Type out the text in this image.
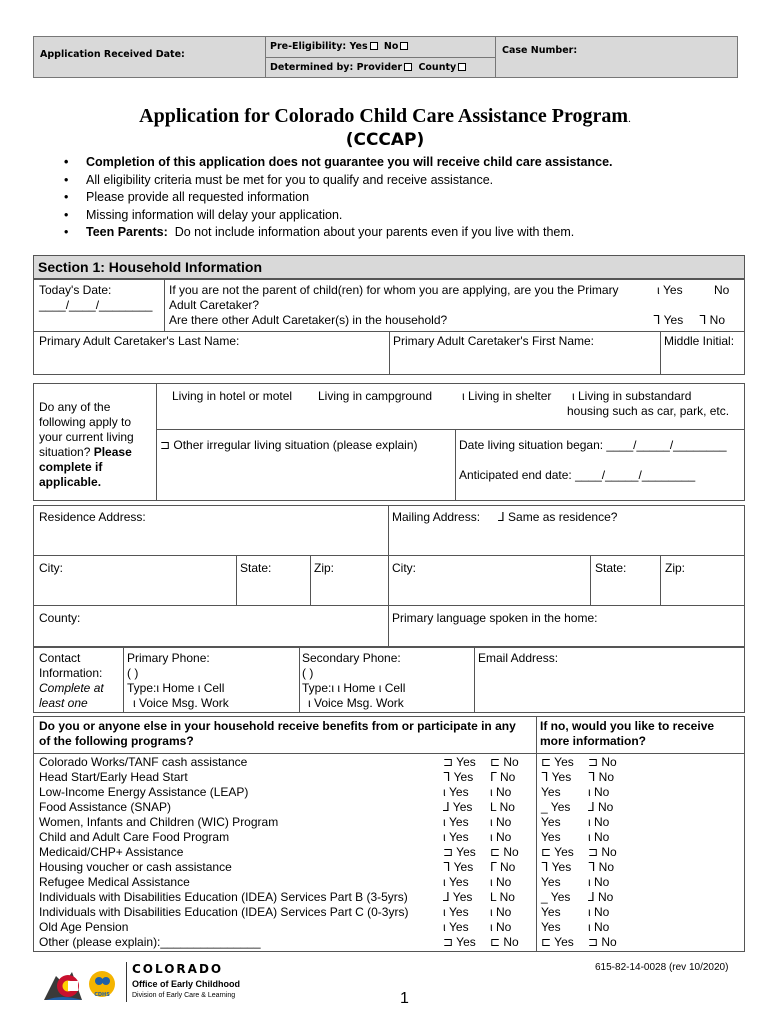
Application Received Date:
Pre-Eligibility: Yes No
Determined by: Provider County
Case Number:
Application for Colorado Child Care Assistance Program.
(CCCAP)
• Completion of this application does not guarantee you will receive child care assistance.
• All eligibility criteria must be met for you to qualify and receive assistance.
• Please provide all requested information
• Missing information will delay your application.
• Teen Parents: Do not include information about your parents even if you live with them.
Section 1: Household Information
Today's Date:
____/____/________
If you are not the parent of child(ren) for whom you are applying, are you the Primary Adult Caretaker?
Are there other Adult Caretaker(s) in the household?
ι Yes	No
ᒣ Yes ᒣ No
Primary Adult Caretaker's Last Name:	Primary Adult Caretaker's First Name:	Middle Initial:
Do any of the following apply to your current living situation? Please complete if applicable.
Living in hotel or motel Living in campground ι Living in shelter ι Living in substandard
housing such as car, park, etc.
⊐ Other irregular living situation (please explain)	Date living situation began: ____/_____/________
Anticipated end date: ____/_____/________
Residence Address:	Mailing Address: ⅃ Same as residence?
City:	State:	Zip:	City:	State:	Zip:
County:	Primary language spoken in the home:
Contact Information:
Complete at least one
Primary Phone:
( )
Type:ι Home ι Cell
ι Voice Msg. Work
Secondary Phone:
( )
Type:ι ι Home ι Cell
ι Voice Msg. Work
Email Address:
Do you or anyone else in your household receive benefits from or participate in any of the following programs?
If no, would you like to receive more information?
Colorado Works/TANF cash assistance	⊐ Yes ⊏ No ⊏ Yes ⊐ No
Head Start/Early Head Start	ᒣ Yes ᒥ No ᒣ Yes ᒣ No
Low-Income Energy Assistance (LEAP)	ι Yes ι No Yes ι No
Food Assistance (SNAP)	⅃ Yes L No _ Yes ⅃ No
Women, Infants and Children (WIC) Program	ι Yes ι No Yes ι No
Child and Adult Care Food Program	ι Yes ι No Yes ι No
Medicaid/CHP+ Assistance	⊐ Yes ⊏ No ⊏ Yes ⊐ No
Housing voucher or cash assistance	ᒣ Yes ᒥ No ᒣ Yes ᒣ No
Refugee Medical Assistance	ι Yes ι No Yes ι No
Individuals with Disabilities Education (IDEA) Services Part B (3-5yrs)	⅃ Yes L No _ Yes ⅃ No
Individuals with Disabilities Education (IDEA) Services Part C (0-3yrs)	ι Yes ι No Yes ι No
Old Age Pension	ι Yes ι No Yes ι No
Other (please explain):_______________	⊐ Yes ⊏ No ⊏ Yes ⊐ No
615-82-14-0028 (rev 10/2020)
1
CDHS
COLORADO
Office of Early Childhood
Division of Early Care & Learning
